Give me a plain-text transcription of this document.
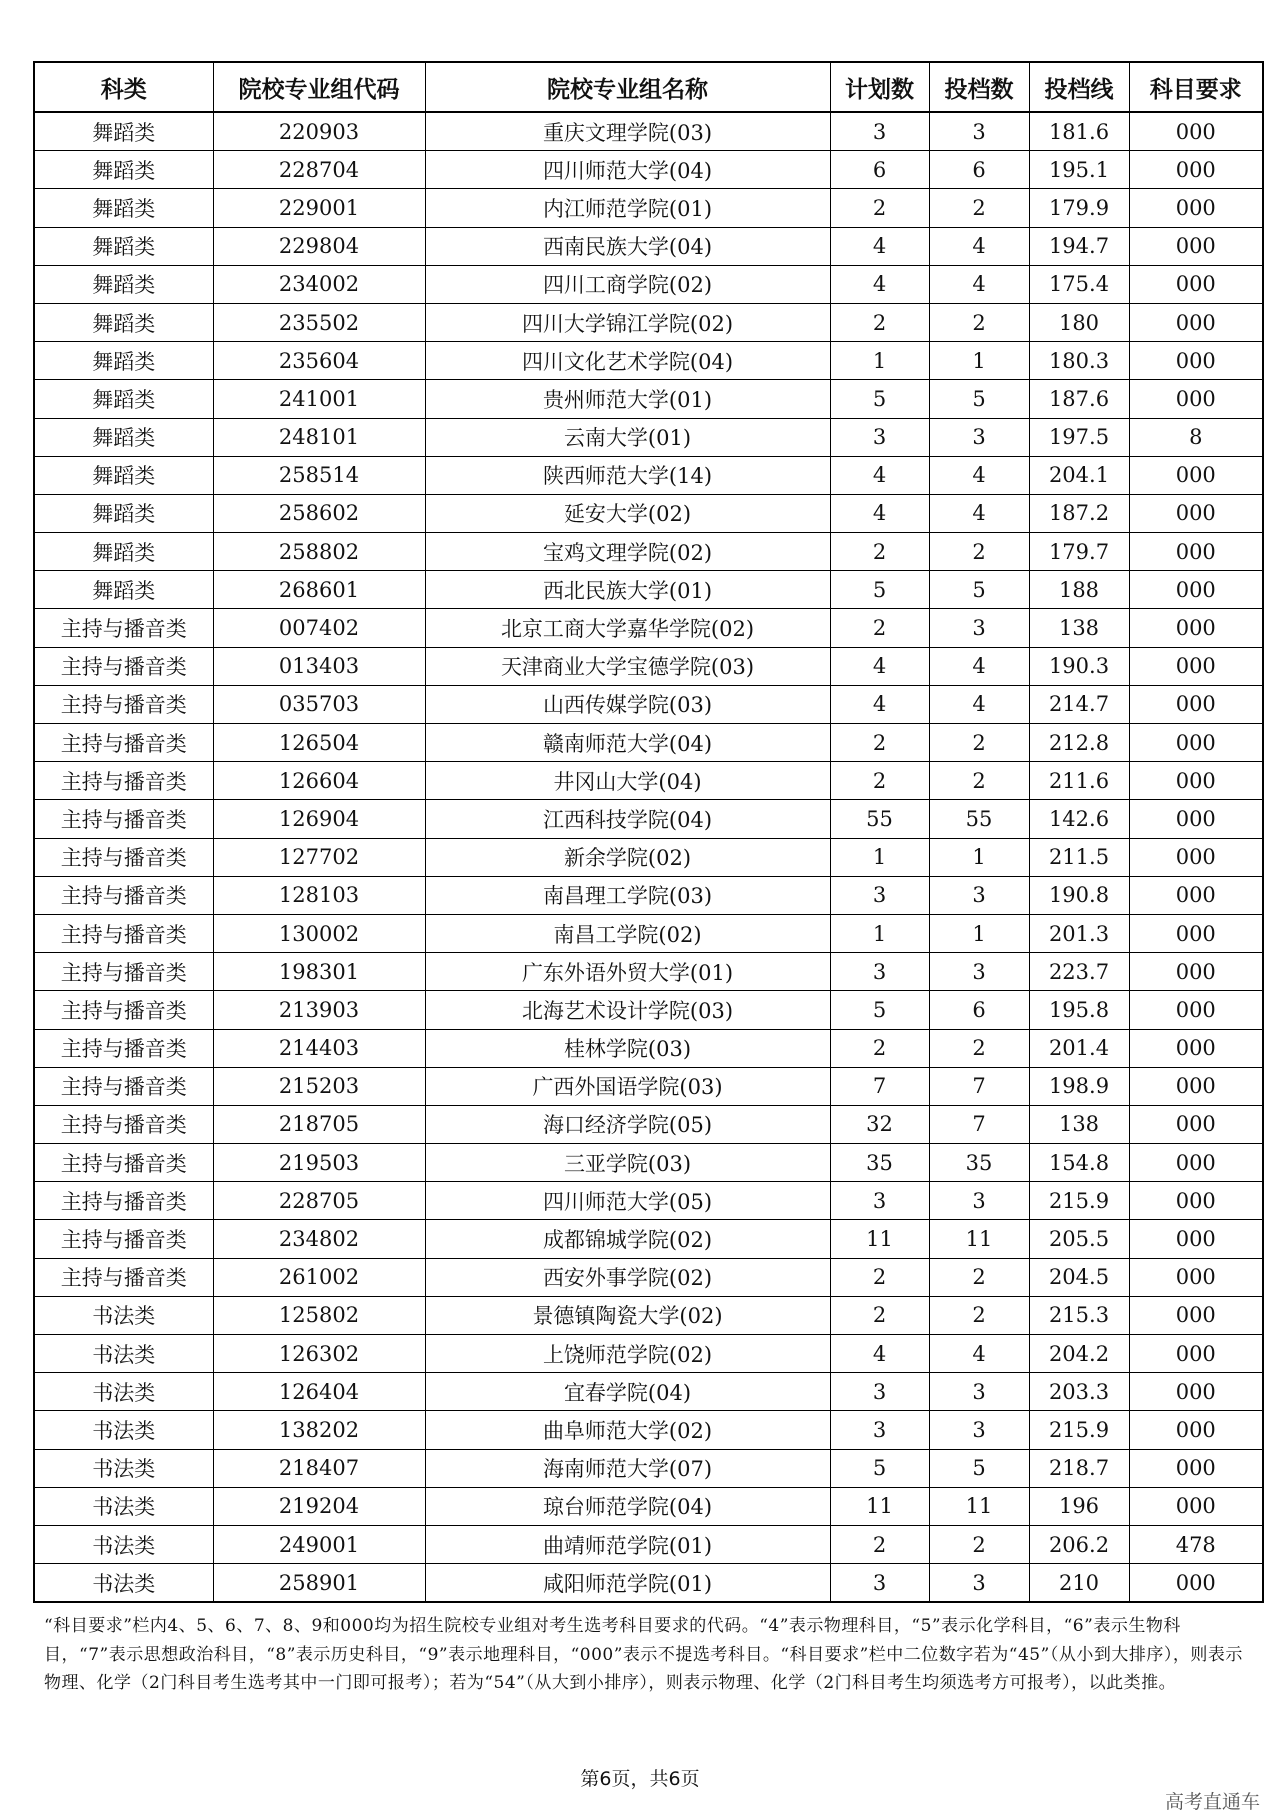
科类	院校专业组代码	院校专业组名称	计划数	投档数	投档线	科目要求
舞蹈类	220903	重庆文理学院(03)	3	3	181.6	000
舞蹈类	228704	四川师范大学(04)	6	6	195.1	000
舞蹈类	229001	内江师范学院(01)	2	2	179.9	000
舞蹈类	229804	西南民族大学(04)	4	4	194.7	000
舞蹈类	234002	四川工商学院(02)	4	4	175.4	000
舞蹈类	235502	四川大学锦江学院(02)	2	2	180	000
舞蹈类	235604	四川文化艺术学院(04)	1	1	180.3	000
舞蹈类	241001	贵州师范大学(01)	5	5	187.6	000
舞蹈类	248101	云南大学(01)	3	3	197.5	8
舞蹈类	258514	陕西师范大学(14)	4	4	204.1	000
舞蹈类	258602	延安大学(02)	4	4	187.2	000
舞蹈类	258802	宝鸡文理学院(02)	2	2	179.7	000
舞蹈类	268601	西北民族大学(01)	5	5	188	000
主持与播音类	007402	北京工商大学嘉华学院(02)	2	3	138	000
主持与播音类	013403	天津商业大学宝德学院(03)	4	4	190.3	000
主持与播音类	035703	山西传媒学院(03)	4	4	214.7	000
主持与播音类	126504	赣南师范大学(04)	2	2	212.8	000
主持与播音类	126604	井冈山大学(04)	2	2	211.6	000
主持与播音类	126904	江西科技学院(04)	55	55	142.6	000
主持与播音类	127702	新余学院(02)	1	1	211.5	000
主持与播音类	128103	南昌理工学院(03)	3	3	190.8	000
主持与播音类	130002	南昌工学院(02)	1	1	201.3	000
主持与播音类	198301	广东外语外贸大学(01)	3	3	223.7	000
主持与播音类	213903	北海艺术设计学院(03)	5	6	195.8	000
主持与播音类	214403	桂林学院(03)	2	2	201.4	000
主持与播音类	215203	广西外国语学院(03)	7	7	198.9	000
主持与播音类	218705	海口经济学院(05)	32	7	138	000
主持与播音类	219503	三亚学院(03)	35	35	154.8	000
主持与播音类	228705	四川师范大学(05)	3	3	215.9	000
主持与播音类	234802	成都锦城学院(02)	11	11	205.5	000
主持与播音类	261002	西安外事学院(02)	2	2	204.5	000
书法类	125802	景德镇陶瓷大学(02)	2	2	215.3	000
书法类	126302	上饶师范学院(02)	4	4	204.2	000
书法类	126404	宜春学院(04)	3	3	203.3	000
书法类	138202	曲阜师范大学(02)	3	3	215.9	000
书法类	218407	海南师范大学(07)	5	5	218.7	000
书法类	219204	琼台师范学院(04)	11	11	196	000
书法类	249001	曲靖师范学院(01)	2	2	206.2	478
书法类	258901	咸阳师范学院(01)	3	3	210	000
“科目要求”栏内4、5、6、7、8、9和000均为招生院校专业组对考生选考科目要求的代码。“4”表示物理科目，“5”表示化学科目，“6”表示生物科目，“7”表示思想政治科目，“8”表示历史科目，“9”表示地理科目，“000”表示不提选考科目。“科目要求”栏中二位数字若为“45”（从小到大排序），则表示物理、化学（2门科目考生选考其中一门即可报考）；若为“54”（从大到小排序），则表示物理、化学（2门科目考生均须选考方可报考），以此类推。
第6页，共6页
高考直通车
